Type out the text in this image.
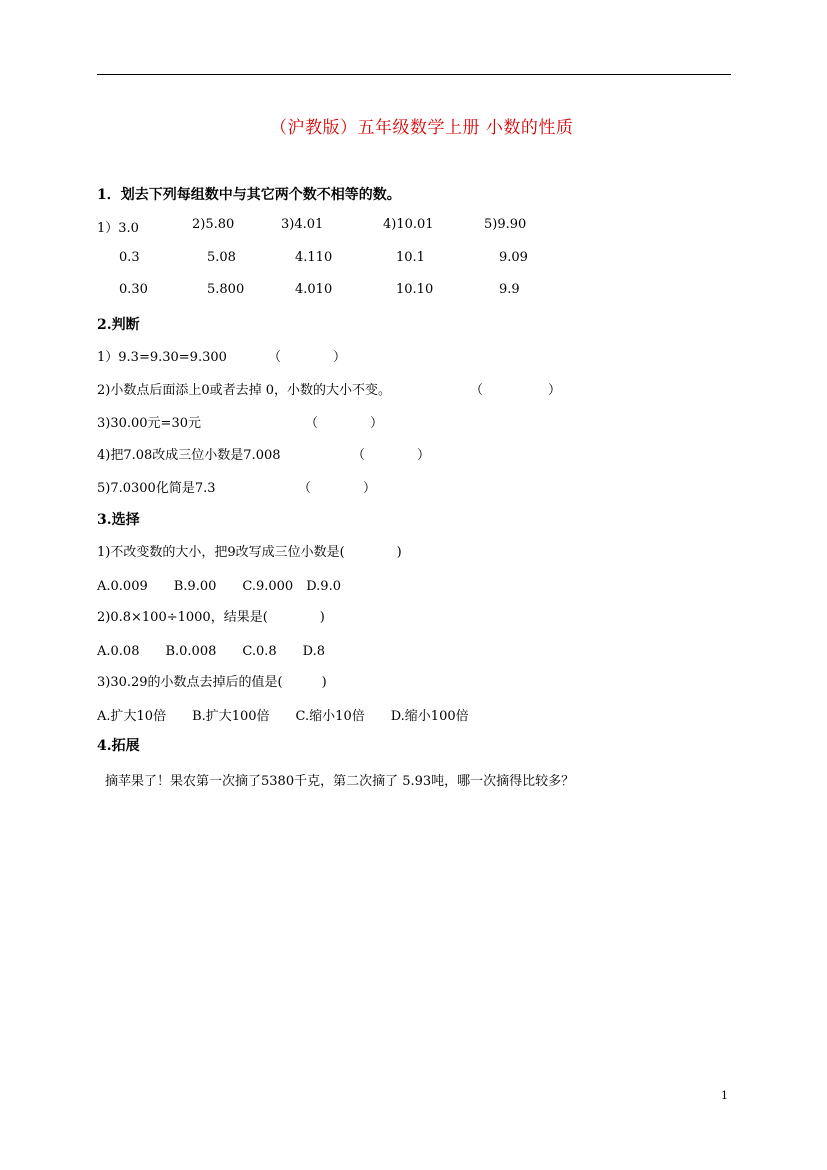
（沪教版）五年级数学上册 小数的性质
1．划去下列每组数中与其它两个数不相等的数。
1）3.0	2)5.80	3)4.01	4)10.01	5)9.90
0.3	5.08	4.110	10.1	9.09
0.30	5.800	4.010	10.10	9.9
2.判断
1）9.3=9.30=9.300	（　　　　）
2)小数点后面添上0或者去掉 0，小数的大小不变。	（　　　　　）
3)30.00元=30元	（　　　　）
4)把7.08改成三位小数是7.008	（　　　　）
5)7.0300化简是7.3	（　　　　）
3.选择
1)不改变数的大小，把9改写成三位小数是(　　　　)
A.0.009　　B.9.00　　C.9.000　D.9.0
2)0.8×100÷1000，结果是(　　　　)
A.0.08　　B.0.008　　C.0.8　　D.8
3)30.29的小数点去掉后的值是(　　　)
A.扩大10倍　　B.扩大100倍　　C.缩小10倍　　D.缩小100倍
4.拓展
摘苹果了！果农第一次摘了5380千克，第二次摘了 5.93吨，哪一次摘得比较多？
1
